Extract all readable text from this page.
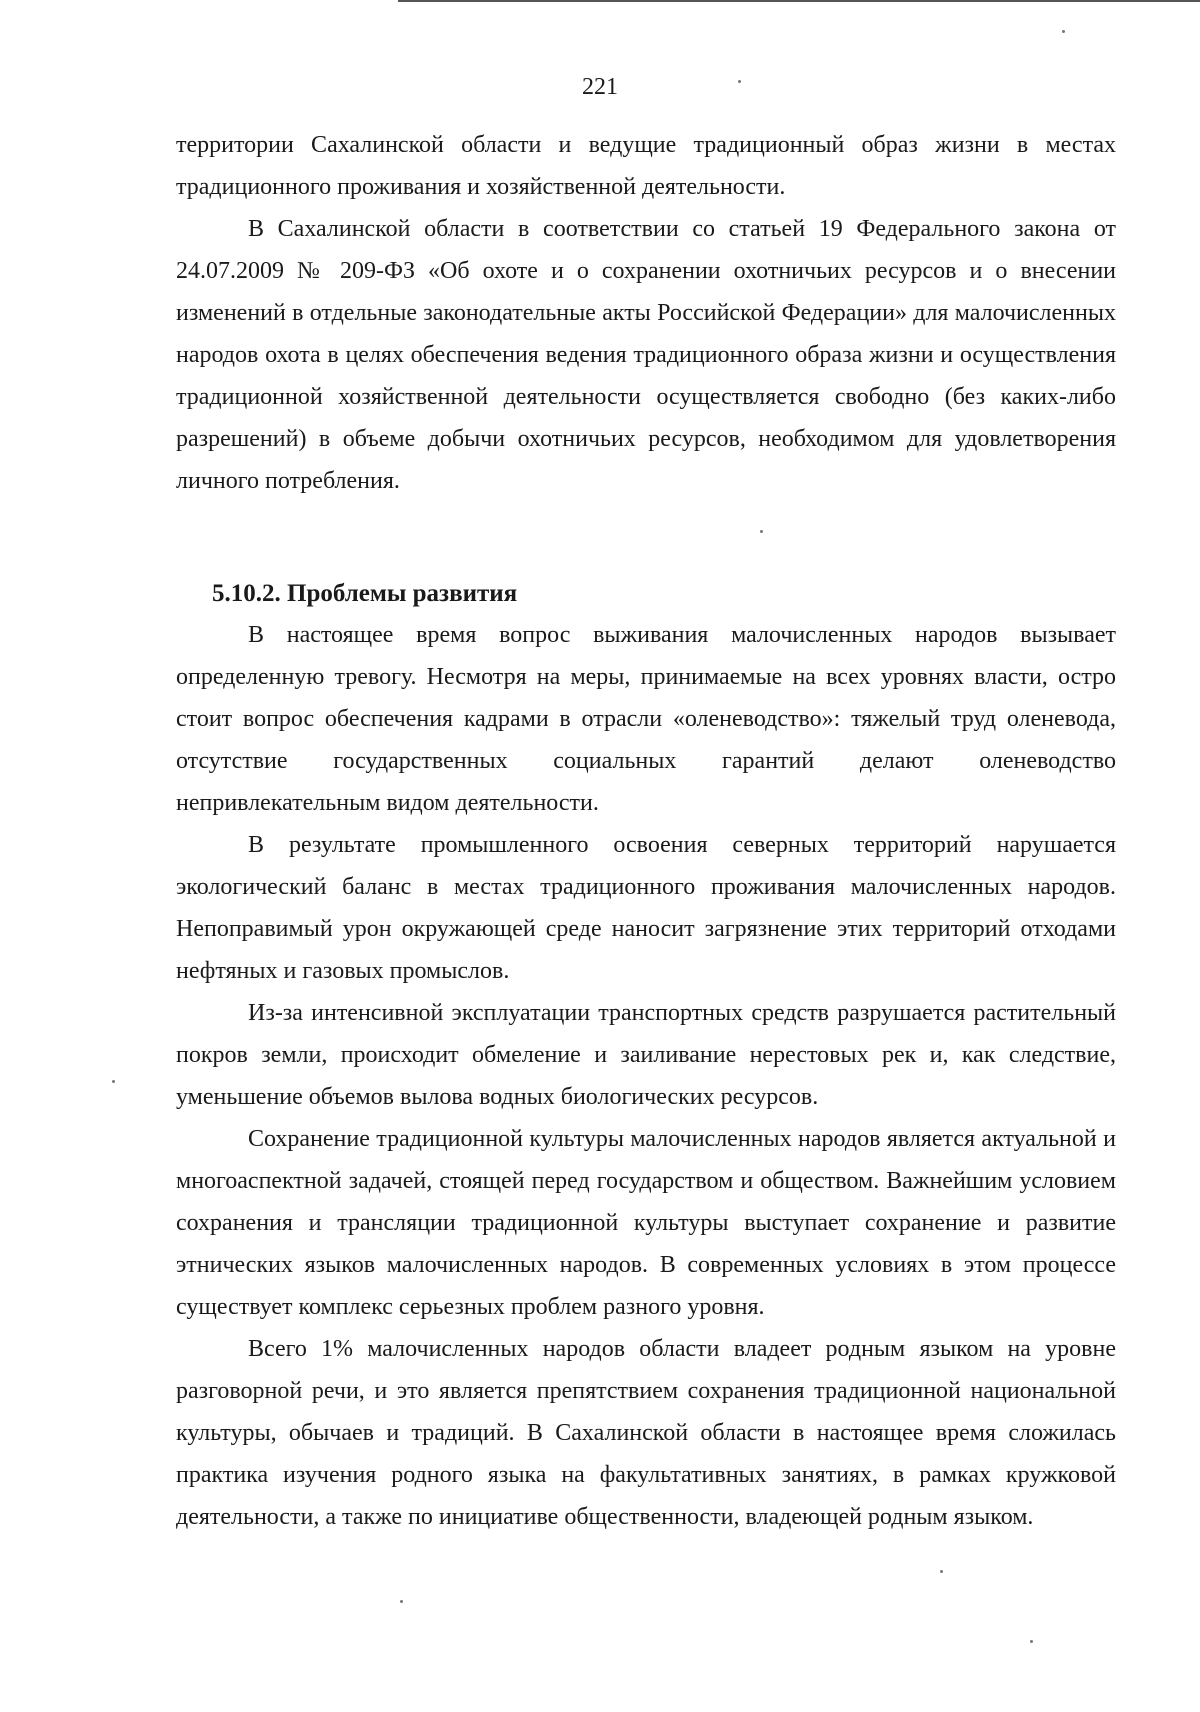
221

территории Сахалинской области и ведущие традиционный образ жизни в местах традиционного проживания и хозяйственной деятельности.

В Сахалинской области в соответствии со статьей 19 Федерального закона от 24.07.2009 № 209-ФЗ «Об охоте и о сохранении охотничьих ресурсов и о внесении изменений в отдельные законодательные акты Российской Федерации» для малочисленных народов охота в целях обеспечения ведения традиционного образа жизни и осуществления традиционной хозяйственной деятельности осуществляется свободно (без каких-либо разрешений) в объеме добычи охотничьих ресурсов, необходимом для удовлетворения личного потребления.

5.10.2. Проблемы развития

В настоящее время вопрос выживания малочисленных народов вызывает определенную тревогу. Несмотря на меры, принимаемые на всех уровнях власти, остро стоит вопрос обеспечения кадрами в отрасли «оленеводство»: тяжелый труд оленевода, отсутствие государственных социальных гарантий делают оленеводство непривлекательным видом деятельности.

В результате промышленного освоения северных территорий нарушается экологический баланс в местах традиционного проживания малочисленных народов. Непоправимый урон окружающей среде наносит загрязнение этих территорий отходами нефтяных и газовых промыслов.

Из-за интенсивной эксплуатации транспортных средств разрушается растительный покров земли, происходит обмеление и заиливание нерестовых рек и, как следствие, уменьшение объемов вылова водных биологических ресурсов.

Сохранение традиционной культуры малочисленных народов является актуальной и многоаспектной задачей, стоящей перед государством и обществом. Важнейшим условием сохранения и трансляции традиционной культуры выступает сохранение и развитие этнических языков малочисленных народов. В современных условиях в этом процессе существует комплекс серьезных проблем разного уровня.

Всего 1% малочисленных народов области владеет родным языком на уровне разговорной речи, и это является препятствием сохранения традиционной национальной культуры, обычаев и традиций. В Сахалинской области в настоящее время сложилась практика изучения родного языка на факультативных занятиях, в рамках кружковой деятельности, а также по инициативе общественности, владеющей родным языком.
